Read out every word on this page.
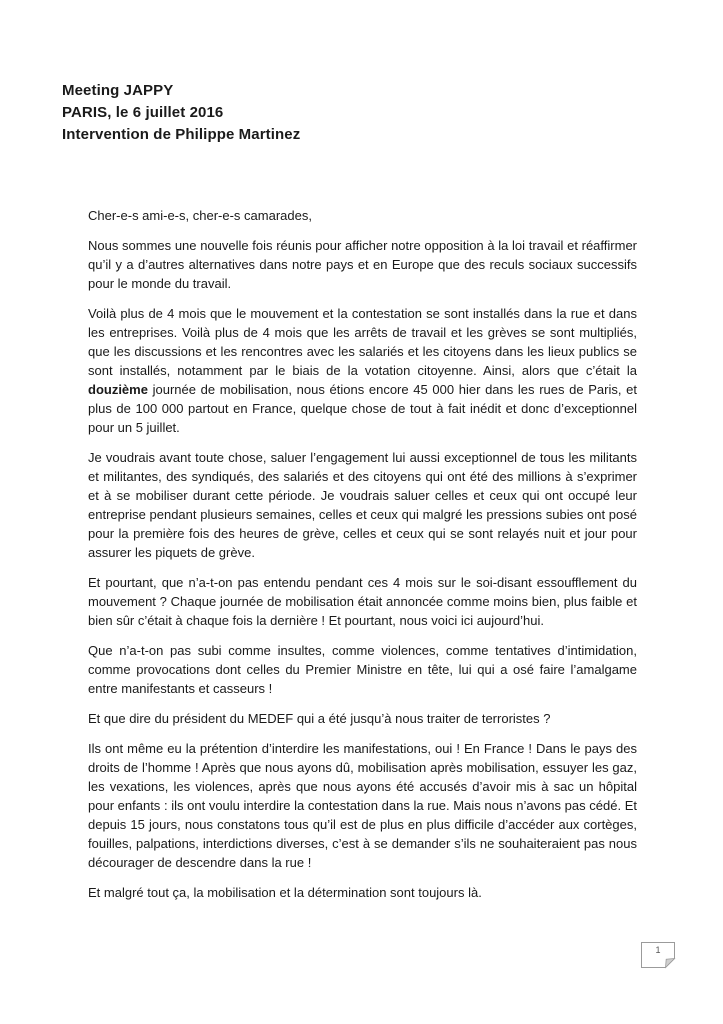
Meeting JAPPY
PARIS, le 6 juillet 2016
Intervention de Philippe Martinez

Cher-e-s ami-e-s, cher-e-s camarades,

Nous sommes une nouvelle fois réunis pour afficher notre opposition à la loi travail et réaffirmer qu’il y a d’autres alternatives dans notre pays et en Europe que des reculs sociaux successifs pour le monde du travail.

Voilà plus de 4 mois que le mouvement et la contestation se sont installés dans la rue et dans les entreprises. Voilà plus de 4 mois que les arrêts de travail et les grèves se sont multipliés, que les discussions et les rencontres avec les salariés et les citoyens dans les lieux publics se sont installés, notamment par le biais de la votation citoyenne. Ainsi, alors que c’était la douzième journée de mobilisation, nous étions encore 45 000 hier dans les rues de Paris, et plus de 100 000 partout en France, quelque chose de tout à fait inédit et donc d’exceptionnel pour un 5 juillet.

Je voudrais avant toute chose, saluer l’engagement lui aussi exceptionnel de tous les militants et militantes, des syndiqués, des salariés et des citoyens qui ont été des millions à s’exprimer et à se mobiliser durant cette période. Je voudrais saluer celles et ceux qui ont occupé leur entreprise pendant plusieurs semaines, celles et ceux qui malgré les pressions subies ont posé pour la première fois des heures de grève, celles et ceux qui se sont relayés nuit et jour pour assurer les piquets de grève.

Et pourtant, que n’a-t-on pas entendu pendant ces 4 mois sur le soi-disant essoufflement du mouvement ? Chaque journée de mobilisation était annoncée comme moins bien, plus faible et bien sûr c’était à chaque fois la dernière ! Et pourtant, nous voici ici aujourd’hui.

Que n’a-t-on pas subi comme insultes, comme violences, comme tentatives d’intimidation, comme provocations dont celles du Premier Ministre en tête, lui qui a osé faire l’amalgame entre manifestants et casseurs !

Et que dire du président du MEDEF qui a été jusqu’à nous traiter de terroristes ?

Ils ont même eu la prétention d’interdire les manifestations, oui ! En France ! Dans le pays des droits de l’homme ! Après que nous ayons dû, mobilisation après mobilisation, essuyer les gaz, les vexations, les violences, après que nous ayons été accusés d’avoir mis à sac un hôpital pour enfants : ils ont voulu interdire la contestation dans la rue. Mais nous n’avons pas cédé. Et depuis 15 jours, nous constatons tous qu’il est de plus en plus difficile d’accéder aux cortèges, fouilles, palpations, interdictions diverses, c’est à se demander s’ils ne souhaiteraient pas nous décourager de descendre dans la rue !

Et malgré tout ça, la mobilisation et la détermination sont toujours là.

1
